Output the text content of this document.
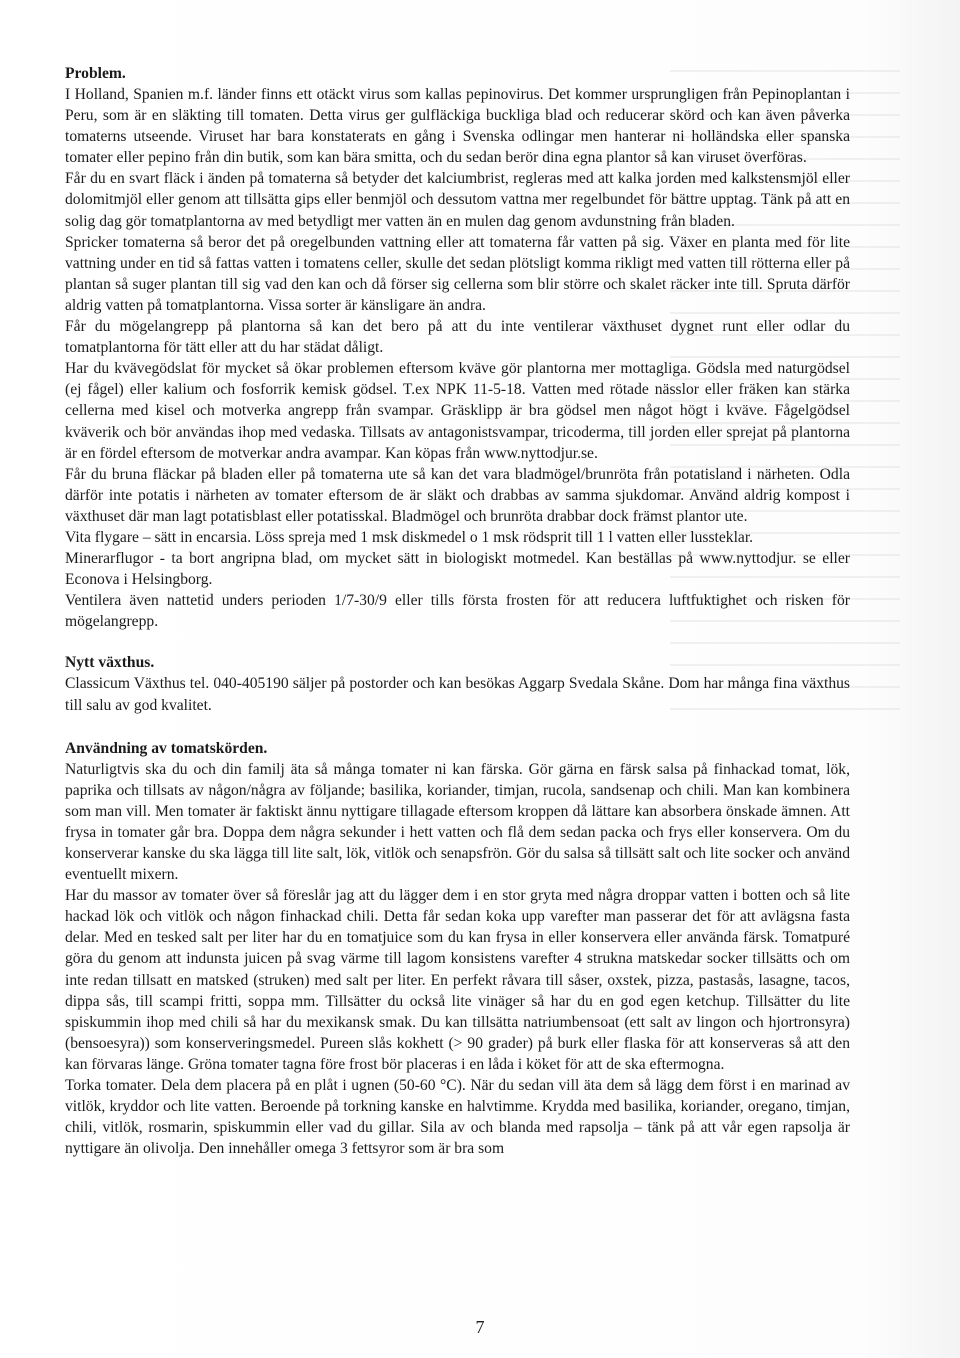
Problem.

I Holland, Spanien m.f. länder finns ett otäckt virus som kallas pepinovirus. Det kommer ursprungligen från Pepinoplantan i Peru, som är en släkting till tomaten. Detta virus ger gulfläckiga buckliga blad och reducerar skörd och kan även påverka tomaterns utseende. Viruset har bara konstaterats en gång i Svenska odlingar men hanterar ni holländska eller spanska tomater eller pepino från din butik, som kan bära smitta, och du sedan berör dina egna plantor så kan viruset överföras.

Får du en svart fläck i änden på tomaterna så betyder det kalciumbrist, regleras med att kalka jorden med kalkstensmjöl eller dolomitmjöl eller genom att tillsätta gips eller benmjöl och dessutom vattna mer regelbundet för bättre upptag. Tänk på att en solig dag gör tomatplantorna av med betydligt mer vatten än en mulen dag genom avdunstning från bladen.

Spricker tomaterna så beror det på oregelbunden vattning eller att tomaterna får vatten på sig. Växer en planta med för lite vattning under en tid så fattas vatten i tomatens celler, skulle det sedan plötsligt komma rikligt med vatten till rötterna eller på plantan så suger plantan till sig vad den kan och då förser sig cellerna som blir större och skalet räcker inte till. Spruta därför aldrig vatten på tomatplantorna. Vissa sorter är känsligare än andra.

Får du mögelangrepp på plantorna så kan det bero på att du inte ventilerar växthuset dygnet runt eller odlar du tomatplantorna för tätt eller att du har städat dåligt.

Har du kvävegödslat för mycket så ökar problemen eftersom kväve gör plantorna mer mottagliga. Gödsla med naturgödsel (ej fågel) eller kalium och fosforrik kemisk gödsel. T.ex NPK 11-5-18. Vatten med rötade nässlor eller fräken kan stärka cellerna med kisel och motverka angrepp från svampar. Gräsklipp är bra gödsel men något högt i kväve. Fågelgödsel kväverik och bör användas ihop med vedaska. Tillsats av antagonistsvampar, tricoderma, till jorden eller sprejat på plantorna är en fördel eftersom de motverkar andra avampar. Kan köpas från www.nyttodjur.se.

Får du bruna fläckar på bladen eller på tomaterna ute så kan det vara bladmögel/brunröta från potatisland i närheten. Odla därför inte potatis i närheten av tomater eftersom de är släkt och drabbas av samma sjukdomar. Använd aldrig kompost i växthuset där man lagt potatisblast eller potatisskal. Bladmögel och brunröta drabbar dock främst plantor ute.

Vita flygare – sätt in encarsia. Löss spreja med 1 msk diskmedel o 1 msk rödsprit till 1 l vatten eller lussteklar.

Minerarflugor - ta bort angripna blad, om mycket sätt in biologiskt motmedel. Kan beställas på www.nyttodjur. se eller Econova i Helsingborg.

Ventilera även nattetid unders perioden 1/7-30/9 eller tills första frosten för att reducera luftfuktighet och risken för mögelangrepp.

Nytt växthus.

Classicum Växthus tel. 040-405190 säljer på postorder och kan besökas Aggarp Svedala Skåne. Dom har många fina växthus till salu av god kvalitet.

Användning av tomatskörden.

Naturligtvis ska du och din familj äta så många tomater ni kan färska. Gör gärna en färsk salsa på finhackad tomat, lök, paprika och tillsats av någon/några av följande; basilika, koriander, timjan, rucola, sandsenap och chili. Man kan kombinera som man vill. Men tomater är faktiskt ännu nyttigare tillagade eftersom kroppen då lättare kan absorbera önskade ämnen. Att frysa in tomater går bra. Doppa dem några sekunder i hett vatten och flå dem sedan packa och frys eller konservera. Om du konserverar kanske du ska lägga till lite salt, lök, vitlök och senapsfrön. Gör du salsa så tillsätt salt och lite socker och använd eventuellt mixern.

Har du massor av tomater över så föreslår jag att du lägger dem i en stor gryta med några droppar vatten i botten och så lite hackad lök och vitlök och någon finhackad chili. Detta får sedan koka upp varefter man passerar det för att avlägsna fasta delar. Med en tesked salt per liter har du en tomatjuice som du kan frysa in eller konservera eller använda färsk. Tomatpuré göra du genom att indunsta juicen på svag värme till lagom konsistens varefter 4 strukna matskedar socker tillsätts och om inte redan tillsatt en matsked (struken) med salt per liter. En perfekt råvara till såser, oxstek, pizza, pastasås, lasagne, tacos, dippa sås, till scampi fritti, soppa mm. Tillsätter du också lite vinäger så har du en god egen ketchup. Tillsätter du lite spiskummin ihop med chili så har du mexikansk smak. Du kan tillsätta natriumbensoat (ett salt av lingon och hjortronsyra) (bensoesyra)) som konserveringsmedel. Pureen slås kokhett (> 90 grader) på burk eller flaska för att konserveras så att den kan förvaras länge. Gröna tomater tagna före frost bör placeras i en låda i köket för att de ska eftermogna.

Torka tomater. Dela dem placera på en plåt i ugnen (50-60 °C). När du sedan vill äta dem så lägg dem först i en marinad av vitlök, kryddor och lite vatten. Beroende på torkning kanske en halvtimme. Krydda med basilika, koriander, oregano, timjan, chili, vitlök, rosmarin, spiskummin eller vad du gillar. Sila av och blanda med rapsolja – tänk på att vår egen rapsolja är nyttigare än olivolja. Den innehåller omega 3 fettsyror som är bra som

7
